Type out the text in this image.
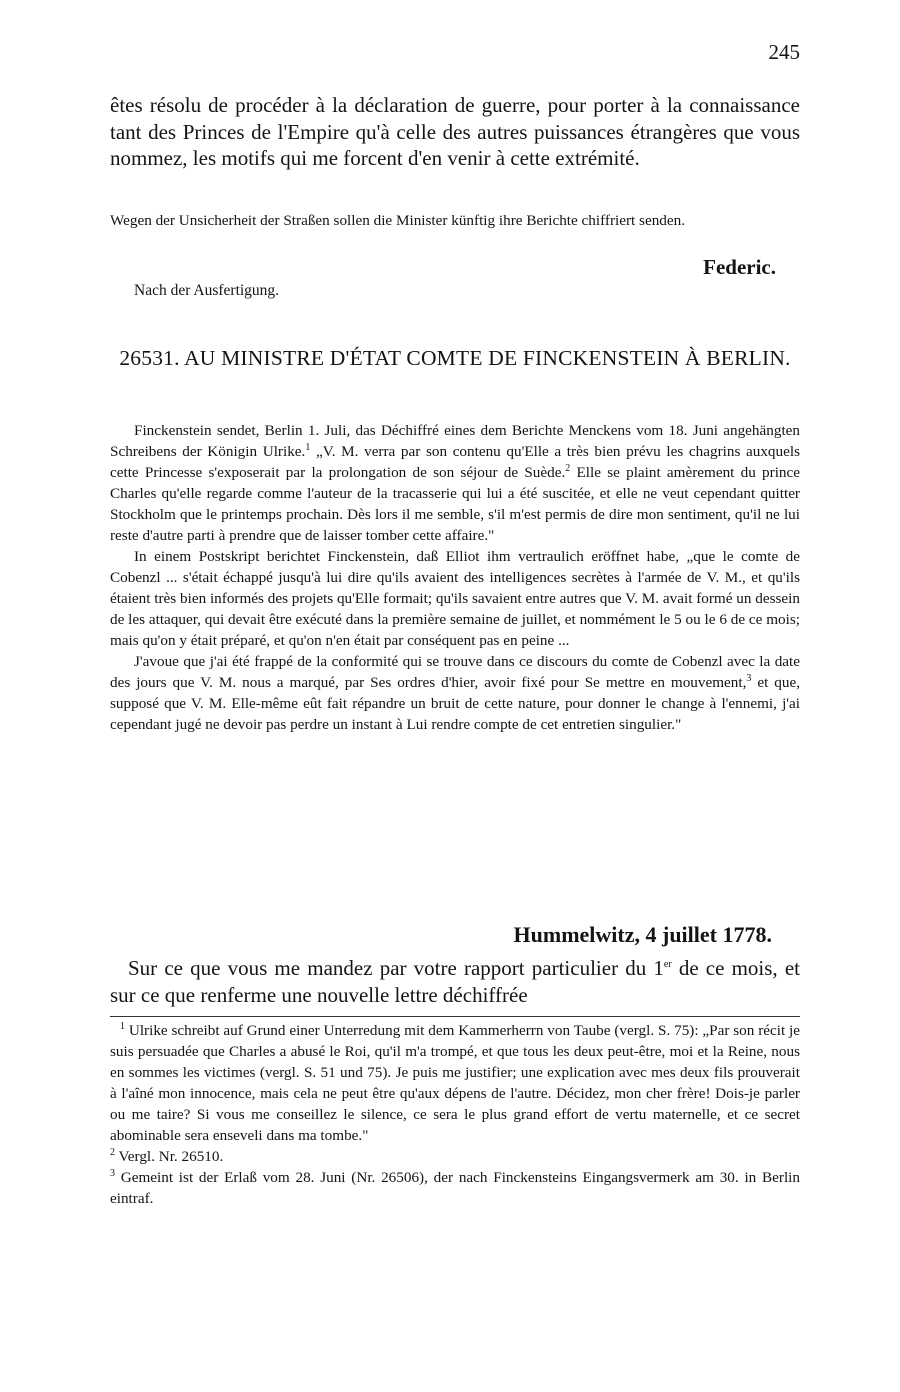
245
êtes résolu de procéder à la déclaration de guerre, pour porter à la connaissance tant des Princes de l'Empire qu'à celle des autres puissances étrangères que vous nommez, les motifs qui me forcent d'en venir à cette extrémité.
Wegen der Unsicherheit der Straßen sollen die Minister künftig ihre Berichte chiffriert senden.
Federic.
Nach der Ausfertigung.
26531. AU MINISTRE D'ÉTAT COMTE DE FINCKENSTEIN À BERLIN.

Finckenstein sendet, Berlin 1. Juli, das Déchiffré eines dem Berichte Menckens vom 18. Juni angehängten Schreibens der Königin Ulrike.$^1$ „V. M. verra par son contenu qu'Elle a très bien prévu les chagrins auxquels cette Princesse s'exposerait par la prolongation de son séjour de Suède.$^2$ Elle se plaint amèrement du prince Charles qu'elle regarde comme l'auteur de la tracasserie qui lui a été suscitée, et elle ne veut cependant quitter Stockholm que le printemps prochain. Dès lors il me semble, s'il m'est permis de dire mon sentiment, qu'il ne lui reste d'autre parti à prendre que de laisser tomber cette affaire."

In einem Postskript berichtet Finckenstein, daß Elliot ihm vertraulich eröffnet habe, „que le comte de Cobenzl ... s'était échappé jusqu'à lui dire qu'ils avaient des intelligences secrètes à l'armée de V. M., et qu'ils étaient très bien informés des projets qu'Elle formait; qu'ils savaient entre autres que V. M. avait formé un dessein de les attaquer, qui devait être exécuté dans la première semaine de juillet, et nommément le 5 ou le 6 de ce mois; mais qu'on y était préparé, et qu'on n'en était par conséquent pas en peine ...

J'avoue que j'ai été frappé de la conformité qui se trouve dans ce discours du comte de Cobenzl avec la date des jours que V. M. nous a marqué, par Ses ordres d'hier, avoir fixé pour Se mettre en mouvement,$^3$ et que, supposé que V. M. Elle-même eût fait répandre un bruit de cette nature, pour donner le change à l'ennemi, j'ai cependant jugé ne devoir pas perdre un instant à Lui rendre compte de cet entretien singulier."

Hummelwitz, 4 juillet 1778.
Sur ce que vous me mandez par votre rapport particulier du 1er de ce mois, et sur ce que renferme une nouvelle lettre déchiffrée

$^1$ Ulrike schreibt auf Grund einer Unterredung mit dem Kammerherrn von Taube (vergl. S. 75): „Par son récit je suis persuadée que Charles a abusé le Roi, qu'il m'a trompé, et que tous les deux peut-être, moi et la Reine, nous en sommes les victimes (vergl. S. 51 und 75). Je puis me justifier; une explication avec mes deux fils prouverait à l'aîné mon innocence, mais cela ne peut être qu'aux dépens de l'autre. Décidez, mon cher frère! Dois-je parler ou me taire? Si vous me conseillez le silence, ce sera le plus grand effort de vertu maternelle, et ce secret abominable sera enseveli dans ma tombe."

$^2$ Vergl. Nr. 26510.

$^3$ Gemeint ist der Erlaß vom 28. Juni (Nr. 26506), der nach Finckensteins Eingangsvermerk am 30. in Berlin eintraf.
